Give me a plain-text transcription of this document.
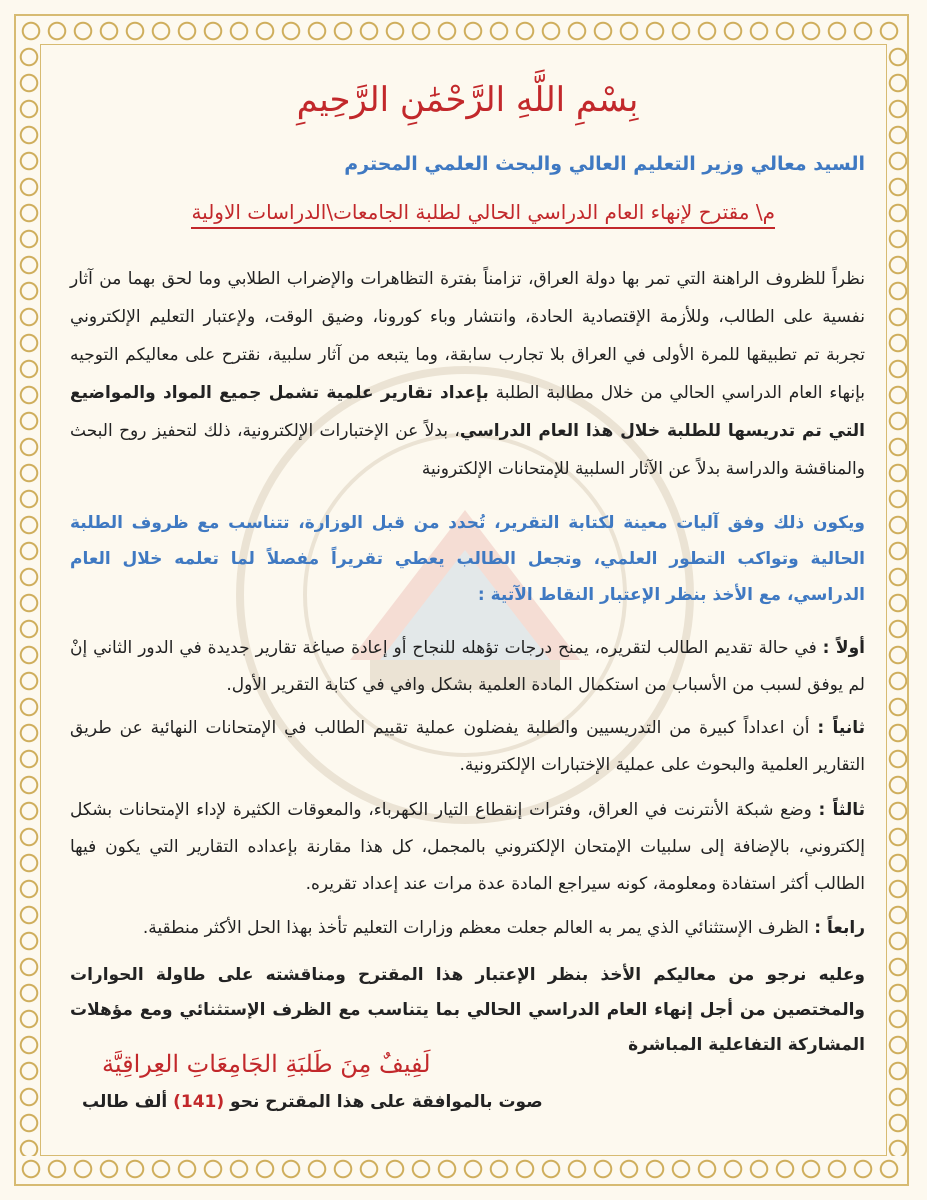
بِسْمِ اللَّهِ الرَّحْمَٰنِ الرَّحِيمِ
السيد معالي وزير التعليم العالي والبحث العلمي المحترم
م\ مقترح لإنهاء العام الدراسي الحالي لطلبة الجامعات\الدراسات الاولية
نظراً للظروف الراهنة التي تمر بها دولة العراق، تزامناً بفترة التظاهرات والإضراب الطلابي وما لحق بهما من آثار نفسية على الطالب، وللأزمة الإقتصادية الحادة، وانتشار وباء كورونا، وضيق الوقت، ولإعتبار التعليم الإلكتروني تجربة تم تطبيقها للمرة الأولى في العراق بلا تجارب سابقة، وما يتبعه من آثار سلبية، نقترح على معاليكم التوجيه بإنهاء العام الدراسي الحالي من خلال مطالبة الطلبة بإعداد تقارير علمية تشمل جميع المواد والمواضيع التي تم تدريسها للطلبة خلال هذا العام الدراسي، بدلاً عن الإختبارات الإلكترونية، ذلك لتحفيز روح البحث والمناقشة والدراسة بدلاً عن الآثار السلبية للإمتحانات الإلكترونية
ويكون ذلك وفق آليات معينة لكتابة التقرير، تُحدد من قبل الوزارة، تتناسب مع ظروف الطلبة الحالية وتواكب التطور العلمي، وتجعل الطالب يعطي تقريراً مفصلاً لما تعلمه خلال العام الدراسي، مع الأخذ بنظر الإعتبار النقاط الآتية :
أولاً : في حالة تقديم الطالب لتقريره، يمنح درجات تؤهله للنجاح أو إعادة صياغة تقارير جديدة في الدور الثاني إنْ لم يوفق لسبب من الأسباب من استكمال المادة العلمية بشكل وافي في كتابة التقرير الأول.
ثانياً : أن اعداداً كبيرة من التدريسيين والطلبة يفضلون عملية تقييم الطالب في الإمتحانات النهائية عن طريق التقارير العلمية والبحوث على عملية الإختبارات الإلكترونية.
ثالثاً : وضع شبكة الأنترنت في العراق، وفترات إنقطاع التيار الكهرباء، والمعوقات الكثيرة لإداء الإمتحانات بشكل إلكتروني، بالإضافة إلى سلبيات الإمتحان الإلكتروني بالمجمل، كل هذا مقارنة بإعداده التقارير التي يكون فيها الطالب أكثر استفادة ومعلومة، كونه سيراجع المادة عدة مرات عند إعداد تقريره.
رابعاً : الظرف الإستثنائي الذي يمر به العالم جعلت معظم وزارات التعليم تأخذ بهذا الحل الأكثر منطقية.
وعليه نرجو من معاليكم الأخذ بنظر الإعتبار هذا المقترح ومناقشته على طاولة الحوارات والمختصين من أجل إنهاء العام الدراسي الحالي بما يتناسب مع الظرف الإستثنائي ومع مؤهلات المشاركة التفاعلية المباشرة
لَفِيفٌ مِنَ طَلبَةِ الجَامِعَاتِ العِراقِيَّة
صوت بالموافقة على هذا المقترح نحو (141) ألف طالب
